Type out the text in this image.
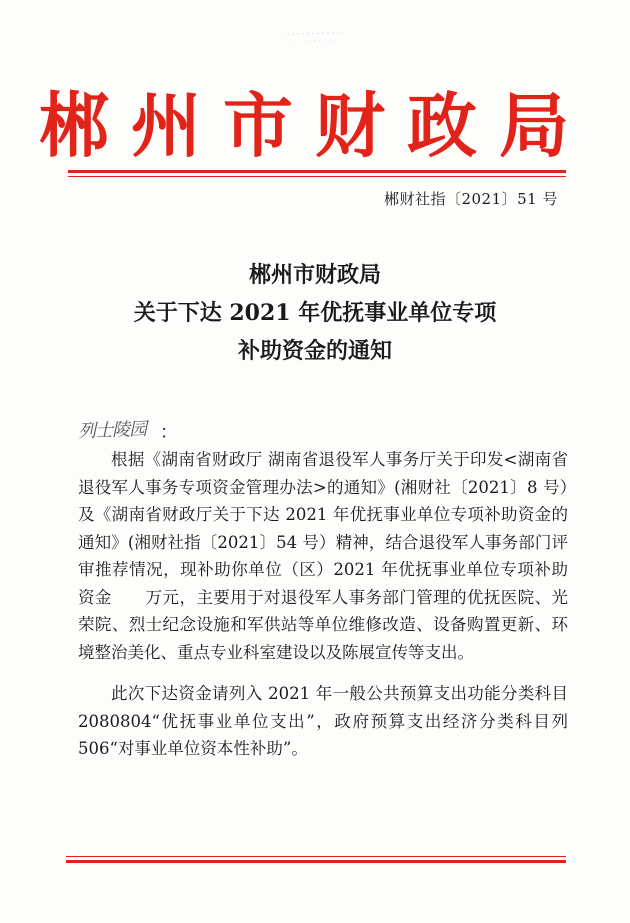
郴州市财政局
郴财社指〔2021〕51 号
郴州市财政局
关于下达 2021 年优抚事业单位专项
补助资金的通知
列士陵园 ：

根据《湖南省财政厅 湖南省退役军人事务厅关于印发<湖南省退役军人事务专项资金管理办法>的通知》(湘财社〔2021〕8 号）及《湖南省财政厅关于下达 2021 年优抚事业单位专项补助资金的通知》(湘财社指〔2021〕54 号）精神，结合退役军人事务部门评审推荐情况，现补助你单位（区）2021 年优抚事业单位专项补助资金　　万元，主要用于对退役军人事务部门管理的优抚医院、光荣院、烈士纪念设施和军供站等单位维修改造、设备购置更新、环境整治美化、重点专业科室建设以及陈展宣传等支出。

此次下达资金请列入 2021 年一般公共预算支出功能分类科目 2080804“优抚事业单位支出”，政府预算支出经济分类科目列 506“对事业单位资本性补助”。
